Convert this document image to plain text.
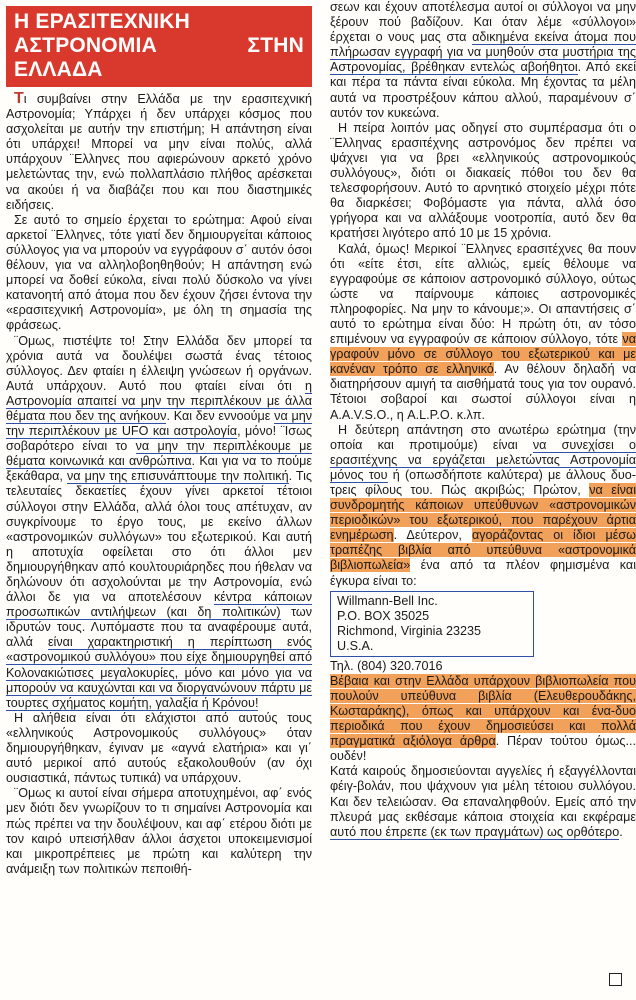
Η ΕΡΑΣΙΤΕΧΝΙΚΗ
ΑΣΤΡΟΝΟΜΙΑ ΣΤΗΝ ΕΛΛΑΔΑ

Τι συμβαίνει στην Ελλάδα με την ερασιτεχνική Αστρονομία; Υπάρχει ή δεν υπάρχει κόσμος που ασχολείται με αυτήν την επιστήμη; Η απάντηση είναι ότι υπάρχει! Μπορεί να μην είναι πολύς, αλλά υπάρχουν ¨Ελληνες που αφιερώνουν αρκετό χρόνο μελετώντας την, ενώ πολλαπλάσιο πλήθος αρέσκεται να ακούει ή να διαβάζει που και που διαστημικές ειδήσεις.

Σε αυτό το σημείο έρχεται το ερώτημα: Αφού είναι αρκετοί ¨Ελληνες, τότε γιατί δεν δημιουργείται κάποιος σύλλογος για να μπορούν να εγγράφουν σ΄ αυτόν όσοι θέλουν, για να αλληλοβοηθηθούν; Η απάντηση ενώ μπορεί να δοθεί εύκολα, είναι πολύ δύσκολο να γίνει κατανοητή από άτομα που δεν έχουν ζήσει έντονα την «ερασιτεχνική Αστρονομία», με όλη τη σημασία της φράσεως.

¨Ομως, πιστέψτε το! Στην Ελλάδα δεν μπορεί τα χρόνια αυτά να δουλέψει σωστά ένας τέτοιος σύλλογος. Δεν φταίει η έλλειψη γνώσεων ή οργάνων. Αυτά υπάρχουν. Αυτό που φταίει είναι ότι η Αστρονομία απαιτεί να μην την περιπλέκουν με άλλα θέματα που δεν της ανήκουν. Και δεν εννοούμε να μην την περιπλέκουν με UFO και αστρολογία, μόνο! ¨Ισως σοβαρότερο είναι το να μην την περιπλέκουμε με θέματα κοινωνικά και ανθρώπινα. Και για να το πούμε ξεκάθαρα, να μην της επισυνάπτουμε την πολιτική. Τις τελευταίες δεκαετίες έχουν γίνει αρκετοί τέτοιοι σύλλογοι στην Ελλάδα, αλλά όλοι τους απέτυχαν, αν συγκρίνουμε το έργο τους, με εκείνο άλλων «αστρονομικών συλλόγων» του εξωτερικού. Και αυτή η αποτυχία οφείλεται στο ότι άλλοι μεν δημιουργήθηκαν από κουλτουριάρηδες που ήθελαν να δηλώνουν ότι ασχολούνται με την Αστρονομία, ενώ άλλοι δε για να αποτελέσουν κέντρα κάποιων προσωπικών αντιλήψεων (και δη πολιτικών) των ιδρυτών τους. Λυπόμαστε που τα αναφέρουμε αυτά, αλλά είναι χαρακτηριστική η περίπτωση ενός «αστρονομικού συλλόγου» που είχε δημιουργηθεί από Κολονακιώτισες μεγαλοκυρίες, μόνο και μόνο για να μπορούν να καυχώνται και να διοργανώνουν πάρτυ με τουρτες σχήματος κομήτη, γαλαξία ή Κρόνου!

Η αλήθεια είναι ότι ελάχιστοι από αυτούς τους «ελληνικούς Αστρονομικούς συλλόγους» όταν δημιουργήθηκαν, έγιναν με «αγνά ελατήρια» και γι΄ αυτό μερικοί από αυτούς εξακολουθούν (αν όχι ουσιαστικά, πάντως τυπικά) να υπάρχουν.

¨Ομως κι αυτοί είναι σήμερα αποτυχημένοι, αφ΄ ενός μεν διότι δεν γνωρίζουν το τι σημαίνει Αστρονομία και πώς πρέπει να την δουλέψουν, και αφ΄ ετέρου διότι με τον καιρό υπεισήλθαν άλλοι άσχετοι υποκειμενισμοί και μικροπρέπειες με πρώτη και καλύτερη την ανάμειξη των πολιτικών πεποιθή-

σεων και έχουν αποτέλεσμα αυτοί οι σύλλογοι να μην ξέρουν πού βαδίζουν. Και όταν λέμε «σύλλογοι» έρχεται ο νους μας στα αδικημένα εκείνα άτομα που πλήρωσαν εγγραφή για να μυηθούν στα μυστήρια της Αστρονομίας, βρέθηκαν εντελώς αβοήθητοι. Από εκεί και πέρα τα πάντα είναι εύκολα. Μη έχοντας τα μέλη αυτά να προστρέξουν κάπου αλλού, παραμένουν σ΄ αυτόν τον κυκεώνα.

Η πείρα λοιπόν μας οδηγεί στο συμπέρασμα ότι ο ¨Ελληνας ερασιτέχνης αστρονόμος δεν πρέπει να ψάχνει για να βρει «ελληνικούς αστρονομικούς συλλόγους», διότι οι διακαείς πόθοι του δεν θα τελεσφορήσουν. Αυτό το αρνητικό στοιχείο μέχρι πότε θα διαρκέσει; Φοβόμαστε για πάντα, αλλά όσο γρήγορα και να αλλάξουμε νοοτροπία, αυτό δεν θα κρατήσει λιγότερο από 10 με 15 χρόνια.

Καλά, όμως! Μερικοί ¨Ελληνες ερασιτέχνες θα πουν ότι «είτε έτσι, είτε αλλιώς, εμείς θέλουμε να εγγραφούμε σε κάποιον αστρονομικό σύλλογο, ούτως ώστε να παίρνουμε κάποιες αστρονομικές πληροφορίες. Να μην το κάνουμε;». Οι απαντήσεις σ΄ αυτό το ερώτημα είναι δύο: Η πρώτη ότι, αν τόσο επιμένουν να εγγραφούν σε κάποιον σύλλογο, τότε να γραφούν μόνο σε σύλλογο του εξωτερικού και με κανέναν τρόπο σε ελληνικό. Αν θέλουν δηλαδή να διατηρήσουν αμιγή τα αισθήματά τους για τον ουρανό. Τέτοιοι σοβαροί και σωστοί σύλλογοι είναι η A.A.V.S.O., η A.L.P.O. κ.λπ.

Η δεύτερη απάντηση στο ανωτέρω ερώτημα (την οποία και προτιμούμε) είναι να συνεχίσει ο ερασιτέχνης να εργάζεται μελετώντας Αστρονομία μόνος του ή (οπωσδήποτε καλύτερα) με άλλους δυο-τρεις φίλους του. Πώς ακριβώς; Πρώτον, να είναι συνδρομητής κάποιων υπεύθυνων «αστρονομικών περιοδικών» του εξωτερικού, που παρέχουν άρτια ενημέρωση. Δεύτερον, αγοράζοντας οι ίδιοι μέσω τραπέζης βιβλία από υπεύθυνα «αστρονομικά βιβλιοπωλεία» ένα από τα πλέον φημισμένα και έγκυρα είναι το:

Willmann-Bell Inc.
P.O. BOX 35025
Richmond, Virginia 23235
U.S.A.

Τηλ. (804) 320.7016

Βέβαια και στην Ελλάδα υπάρχουν βιβλιοπωλεία που πουλούν υπεύθυνα βιβλία (Ελευθερουδάκης, Κωσταράκης), όπως και υπάρχουν και ένα-δυο περιοδικά που έχουν δημοσιεύσει και πολλά πραγματικά αξιόλογα άρθρα. Πέραν τούτου όμως... ουδέν!

Κατά καιρούς δημοσιεύονται αγγελίες ή εξαγγέλλονται φέιγ-βολάν, που ψάχνουν για μέλη τέτοιου συλλόγου. Και δεν τελειώσαν. Θα επαναληφθούν. Εμείς από την πλευρά μας εκθέσαμε κάποια στοιχεία και εκφέραμε αυτό που έπρεπε (εκ των πραγμάτων) ως ορθότερο.
